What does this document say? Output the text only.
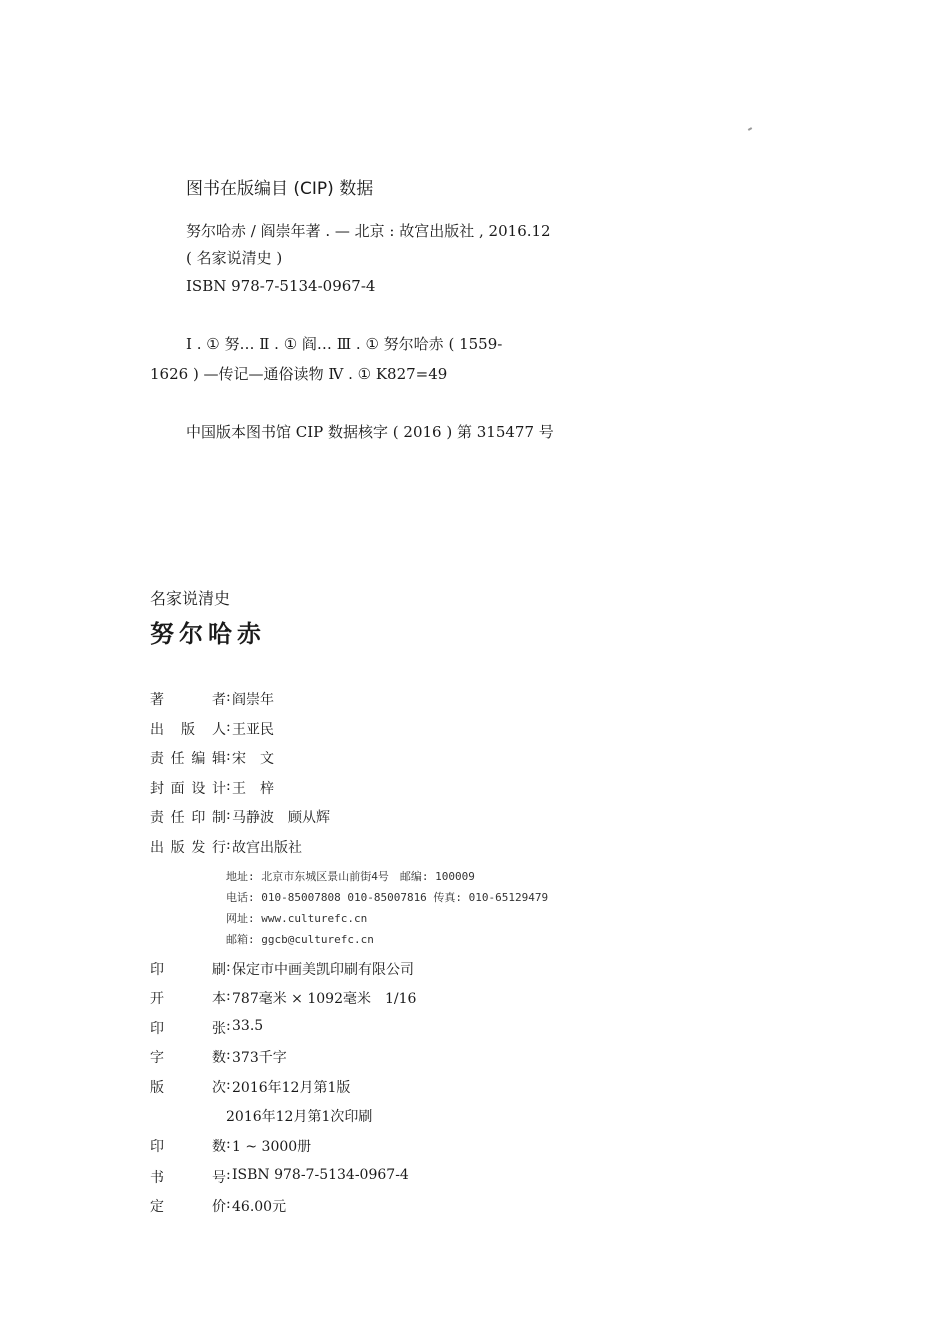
图书在版编目 (CIP) 数据
努尔哈赤 / 阎崇年著 . — 北京 : 故宫出版社 , 2016.12
( 名家说清史 )
ISBN 978-7-5134-0967-4
Ⅰ . ① 努… Ⅱ . ① 阎… Ⅲ . ① 努尔哈赤 ( 1559-
1626 ) —传记—通俗读物 Ⅳ . ① K827=49
中国版本图书馆 CIP 数据核字 ( 2016 ) 第 315477 号
名家说清史
努尔哈赤
著　　者 : 阎崇年
出 版 人 : 王亚民
责任编辑 : 宋　文
封面设计 : 王　梓
责任印制 : 马静波　顾从辉
出版发行 : 故宫出版社
地址: 北京市东城区景山前街4号　邮编: 100009
电话: 010-85007808 010-85007816 传真: 010-65129479
网址: www.culturefc.cn
邮箱: ggcb@culturefc.cn
印　　刷 : 保定市中画美凯印刷有限公司
开　　本 : 787毫米 × 1092毫米　1/16
印　　张 : 33.5
字　　数 : 373千字
版　　次 : 2016年12月第1版
2016年12月第1次印刷
印　　数 : 1 ~ 3000册
书　　号 : ISBN 978-7-5134-0967-4
定　　价 : 46.00元
